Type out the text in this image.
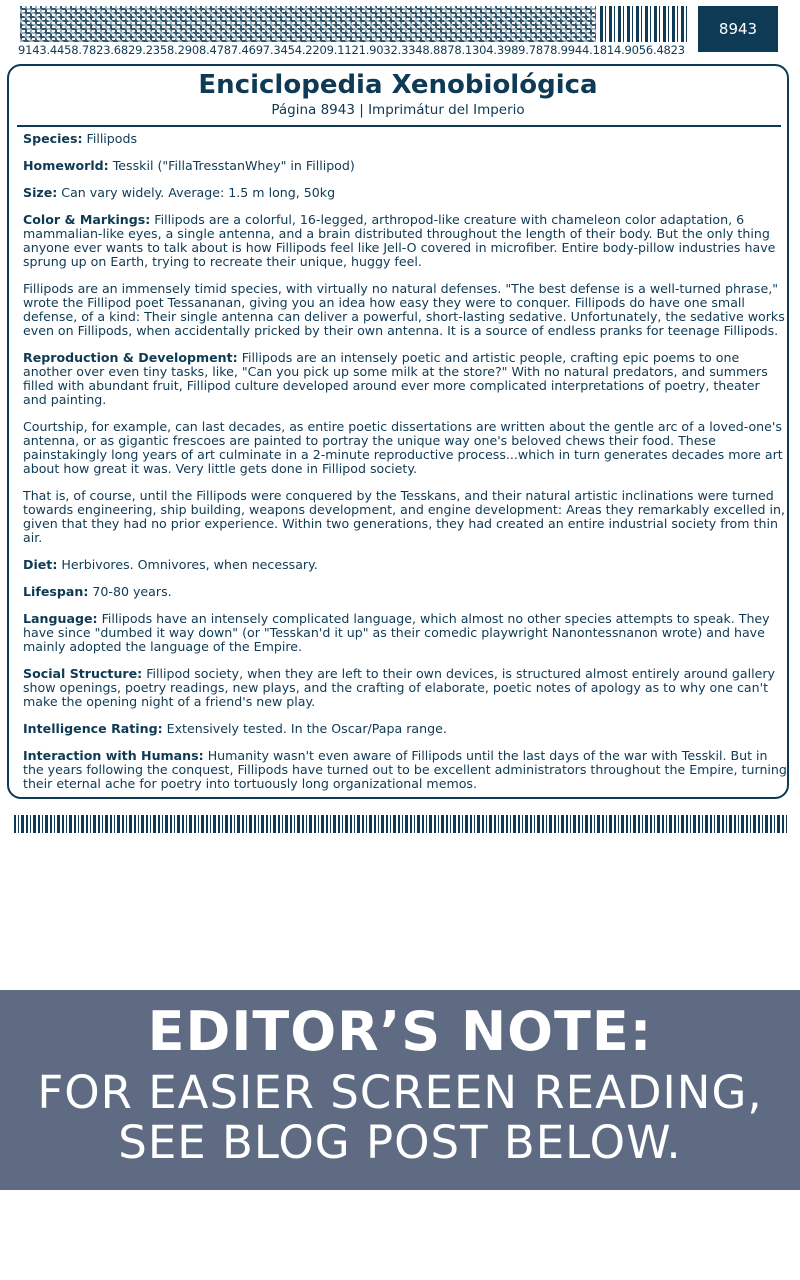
8943
9143.4458.7823.6829.2358.2908.4787.4697.3454.2209.1121.9032.3348.8878.1304.3989.7878.9944.1814.9056.4823
Enciclopedia Xenobiológica
Página 8943 | Imprimátur del Imperio

Species: Fillipods

Homeworld: Tesskil ("FillaTresstanWhey" in Fillipod)

Size: Can vary widely. Average: 1.5 m long, 50kg

Color & Markings: Fillipods are a colorful, 16-legged, arthropod-like creature with chameleon color adaptation, 6 mammalian-like eyes, a single antenna, and a brain distributed throughout the length of their body. But the only thing anyone ever wants to talk about is how Fillipods feel like Jell-O covered in microfiber. Entire body-pillow industries have sprung up on Earth, trying to recreate their unique, huggy feel.

Fillipods are an immensely timid species, with virtually no natural defenses. "The best defense is a well-turned phrase," wrote the Fillipod poet Tessananan, giving you an idea how easy they were to conquer. Fillipods do have one small defense, of a kind: Their single antenna can deliver a powerful, short-lasting sedative. Unfortunately, the sedative works even on Fillipods, when accidentally pricked by their own antenna. It is a source of endless pranks for teenage Fillipods.

Reproduction & Development: Fillipods are an intensely poetic and artistic people, crafting epic poems to one another over even tiny tasks, like, "Can you pick up some milk at the store?" With no natural predators, and summers filled with abundant fruit, Fillipod culture developed around ever more complicated interpretations of poetry, theater and painting.

Courtship, for example, can last decades, as entire poetic dissertations are written about the gentle arc of a loved-one's antenna, or as gigantic frescoes are painted to portray the unique way one's beloved chews their food. These painstakingly long years of art culminate in a 2-minute reproductive process...which in turn generates decades more art about how great it was. Very little gets done in Fillipod society.

That is, of course, until the Fillipods were conquered by the Tesskans, and their natural artistic inclinations were turned towards engineering, ship building, weapons development, and engine development: Areas they remarkably excelled in, given that they had no prior experience. Within two generations, they had created an entire industrial society from thin air.

Diet: Herbivores. Omnivores, when necessary.

Lifespan: 70-80 years.

Language: Fillipods have an intensely complicated language, which almost no other species attempts to speak. They have since "dumbed it way down" (or "Tesskan'd it up" as their comedic playwright Nanontessnanon wrote) and have mainly adopted the language of the Empire.

Social Structure: Fillipod society, when they are left to their own devices, is structured almost entirely around gallery show openings, poetry readings, new plays, and the crafting of elaborate, poetic notes of apology as to why one can't make the opening night of a friend's new play.

Intelligence Rating: Extensively tested. In the Oscar/Papa range.

Interaction with Humans: Humanity wasn't even aware of Fillipods until the last days of the war with Tesskil. But in the years following the conquest, Fillipods have turned out to be excellent administrators throughout the Empire, turning their eternal ache for poetry into tortuously long organizational memos.

EDITOR’S NOTE:
FOR EASIER SCREEN READING,
SEE BLOG POST BELOW.
